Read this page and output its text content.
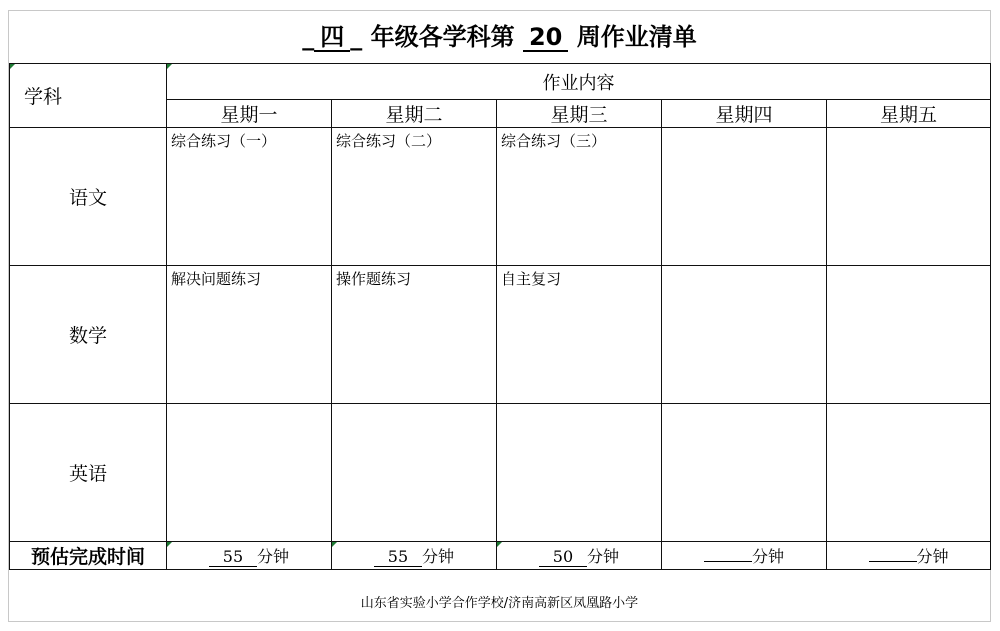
_ 四 _ 年级各学科第 20 周作业清单
学科	作业内容				
	星期一	星期二	星期三	星期四	星期五
语文	综合练习（一）	综合练习（二）	综合练习（三）		
数学	解决问题练习	操作题练习	自主复习		
英语					
预估完成时间	55 分钟	55 分钟	50 分钟	分钟	分钟
山东省实验小学合作学校/济南高新区凤凰路小学
